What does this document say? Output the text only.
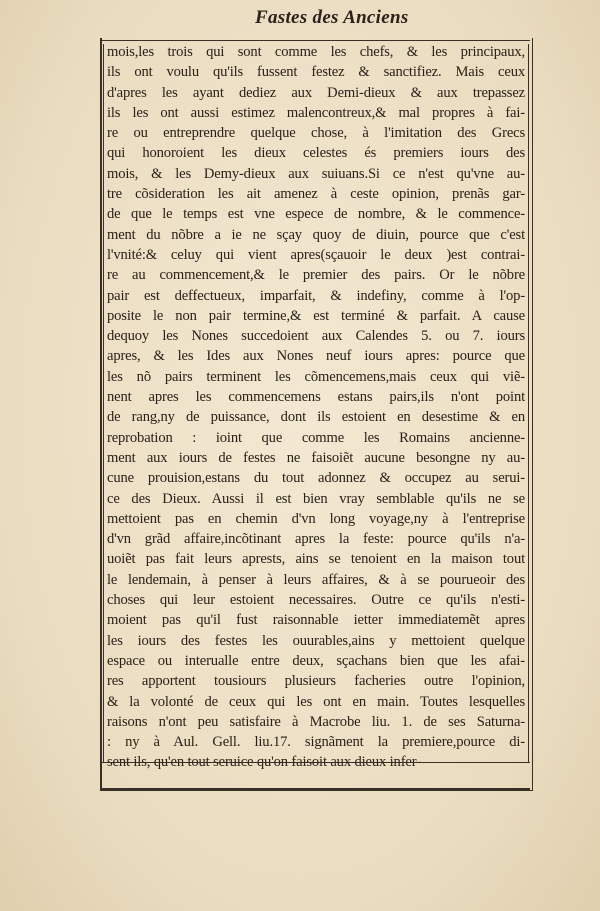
Fastes des Anciens
mois,les trois qui sont comme les chefs, & les principaux,
ils ont voulu qu'ils fussent festez & sanctifiez. Mais ceux
d'apres les ayant dediez aux Demi-dieux & aux trepassez
ils les ont aussi estimez malencontreux,& mal propres à fai-
re ou entreprendre quelque chose, à l'imitation des Grecs
qui honoroient les dieux celestes és premiers iours des
mois, & les Demy-dieux aux suiuans.Si ce n'est qu'vne au-
tre cõsideration les ait amenez à ceste opinion, prenãs gar-
de que le temps est vne espece de nombre, & le commence-
ment du nõbre a ie ne sçay quoy de diuin, pource que c'est
l'vnité:& celuy qui vient apres(sçauoir le deux )est contrai-
re au commencement,& le premier des pairs. Or le nõbre
pair est deffectueux, imparfait, & indefiny, comme à l'op-
posite le non pair termine,& est terminé & parfait. A cause
dequoy les Nones succedoient aux Calendes 5. ou 7. iours
apres, & les Ides aux Nones neuf iours apres: pource que
les nõ pairs terminent les cõmencemens,mais ceux qui viẽ-
nent apres les commencemens estans pairs,ils n'ont point
de rang,ny de puissance, dont ils estoient en desestime & en
reprobation : ioint que comme les Romains ancienne-
ment aux iours de festes ne faisoiẽt aucune besongne ny au-
cune prouision,estans du tout adonnez & occupez au serui-
ce des Dieux. Aussi il est bien vray semblable qu'ils ne se
mettoient pas en chemin d'vn long voyage,ny à l'entreprise
d'vn grãd affaire,incõtinant apres la feste: pource qu'ils n'a-
uoiẽt pas fait leurs aprests, ains se tenoient en la maison tout
le lendemain, à penser à leurs affaires, & à se pourueoir des
choses qui leur estoient necessaires. Outre ce qu'ils n'esti-
moient pas qu'il fust raisonnable ietter immediatemẽt apres
les iours des festes les ouurables,ains y mettoient quelque
espace ou interualle entre deux, sçachans bien que les afai-
res apportent tousiours plusieurs facheries outre l'opinion,
& la volonté de ceux qui les ont en main. Toutes lesquelles
raisons n'ont peu satisfaire à Macrobe liu. 1. de ses Saturna-
: ny à Aul. Gell. liu.17. signãment la premiere,pource di-
sent ils, qu'en tout seruice qu'on faisoit aux dieux infer-
